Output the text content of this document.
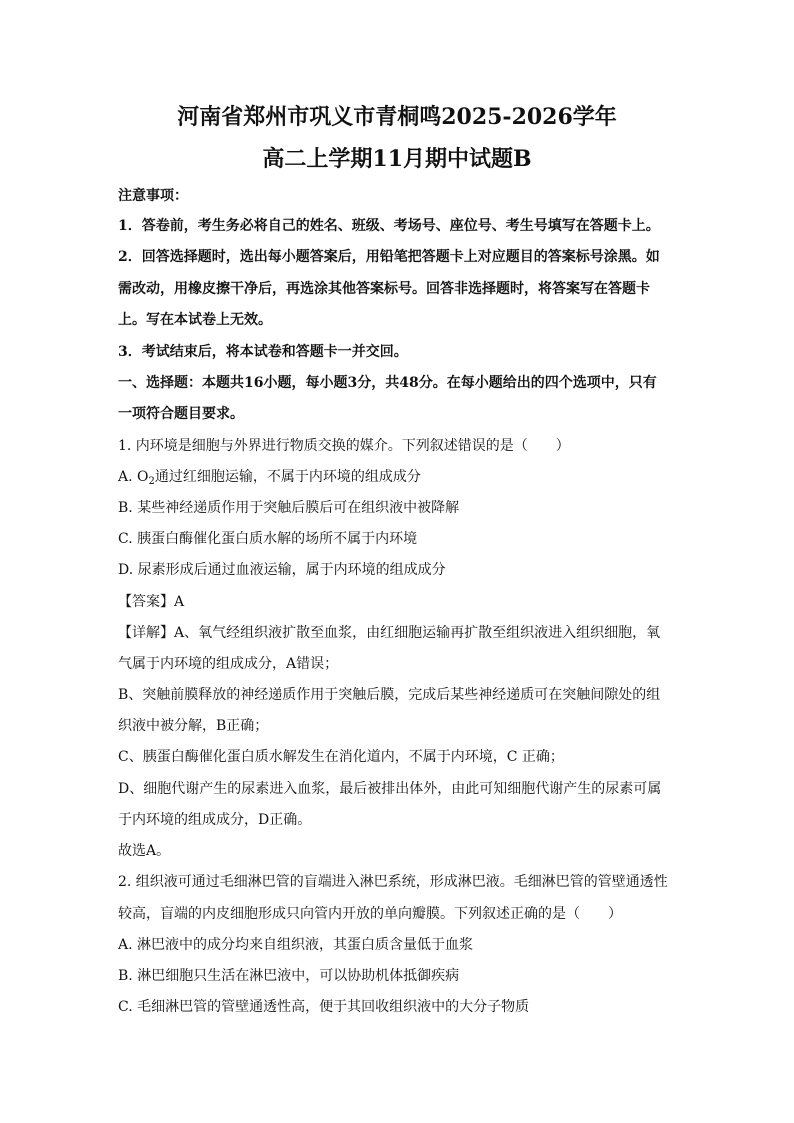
河南省郑州市巩义市青桐鸣2025-2026学年
高二上学期11月期中试题B
注意事项：
1．答卷前，考生务必将自己的姓名、班级、考场号、座位号、考生号填写在答题卡上。
2．回答选择题时，选出每小题答案后，用铅笔把答题卡上对应题目的答案标号涂黑。如
需改动，用橡皮擦干净后，再选涂其他答案标号。回答非选择题时，将答案写在答题卡
上。写在本试卷上无效。
3．考试结束后，将本试卷和答题卡一并交回。
一、选择题：本题共16小题，每小题3分，共48分。在每小题给出的四个选项中，只有
一项符合题目要求。
1. 内环境是细胞与外界进行物质交换的媒介。下列叙述错误的是（　　）
A. $O_2$通过红细胞运输，不属于内环境的组成成分
B. 某些神经递质作用于突触后膜后可在组织液中被降解
C. 胰蛋白酶催化蛋白质水解的场所不属于内环境
D. 尿素形成后通过血液运输，属于内环境的组成成分
【答案】A
【详解】A、氧气经组织液扩散至血浆，由红细胞运输再扩散至组织液进入组织细胞，氧
气属于内环境的组成成分，A错误；
B、突触前膜释放的神经递质作用于突触后膜，完成后某些神经递质可在突触间隙处的组
织液中被分解，B正确；
C、胰蛋白酶催化蛋白质水解发生在消化道内，不属于内环境，C 正确；
D、细胞代谢产生的尿素进入血浆，最后被排出体外，由此可知细胞代谢产生的尿素可属
于内环境的组成成分，D正确。
故选A。
2. 组织液可通过毛细淋巴管的盲端进入淋巴系统，形成淋巴液。毛细淋巴管的管壁通透性
较高，盲端的内皮细胞形成只向管内开放的单向瓣膜。下列叙述正确的是（　　）
A. 淋巴液中的成分均来自组织液，其蛋白质含量低于血浆
B. 淋巴细胞只生活在淋巴液中，可以协助机体抵御疾病
C. 毛细淋巴管的管壁通透性高，便于其回收组织液中的大分子物质
